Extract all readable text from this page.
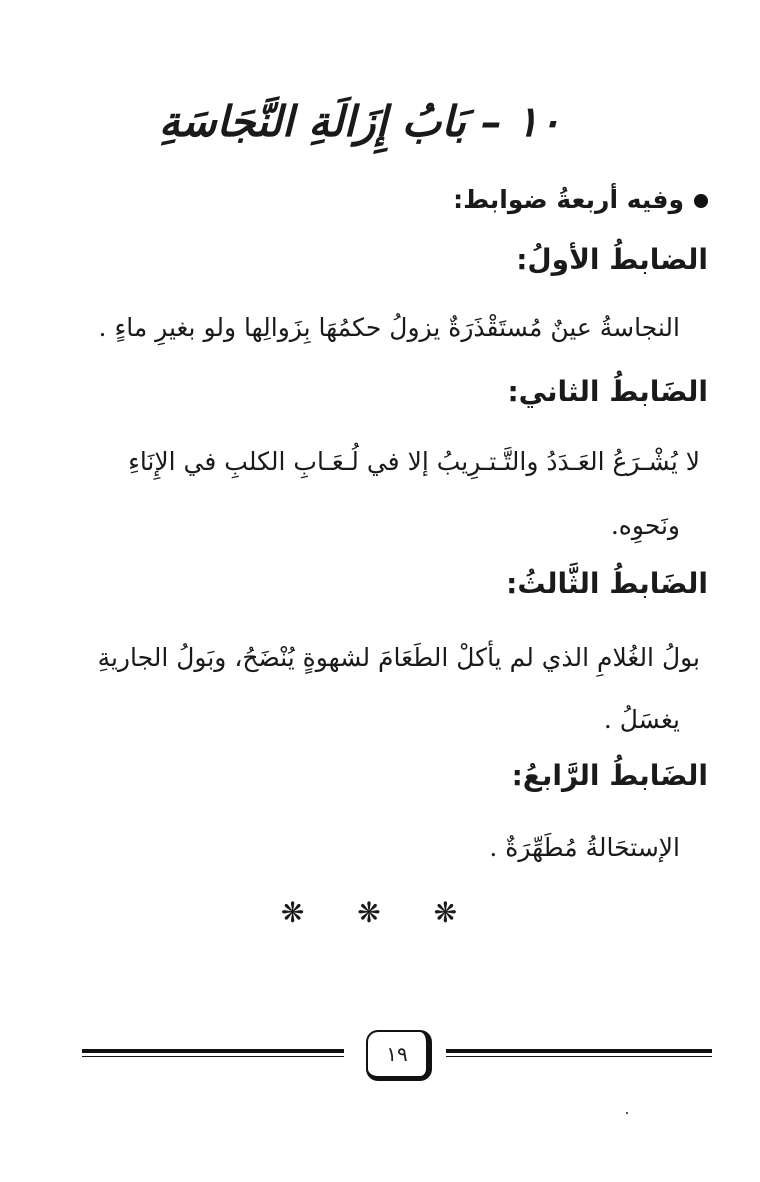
١٠ – بَابُ إِزَالَةِ النَّجَاسَةِ
وفيه أربعةُ ضوابط:
الضابطُ الأولُ:
النجاسةُ عينٌ مُستَقْذَرَةٌ يزولُ حكمُهَا بِزَوالِها ولو بغيرِ ماءٍ .
الضَابطُ الثاني:
لا يُشْـرَعُ العَـدَدُ والتَّـتـرِيبُ إلا في لُـعَـابِ الكلبِ في الإِنَاءِ
ونَحوِه.
الضَابطُ الثَّالثُ:
بولُ الغُلامِ الذي لم يأكلْ الطَعَامَ لشهوةٍ يُنْضَحُ، وبَولُ الجاريةِ
يغسَلُ .
الضَابطُ الرَّابعُ:
الإستحَالةُ مُطَهِّرَةٌ .
❋ ❋ ❋
١٩
